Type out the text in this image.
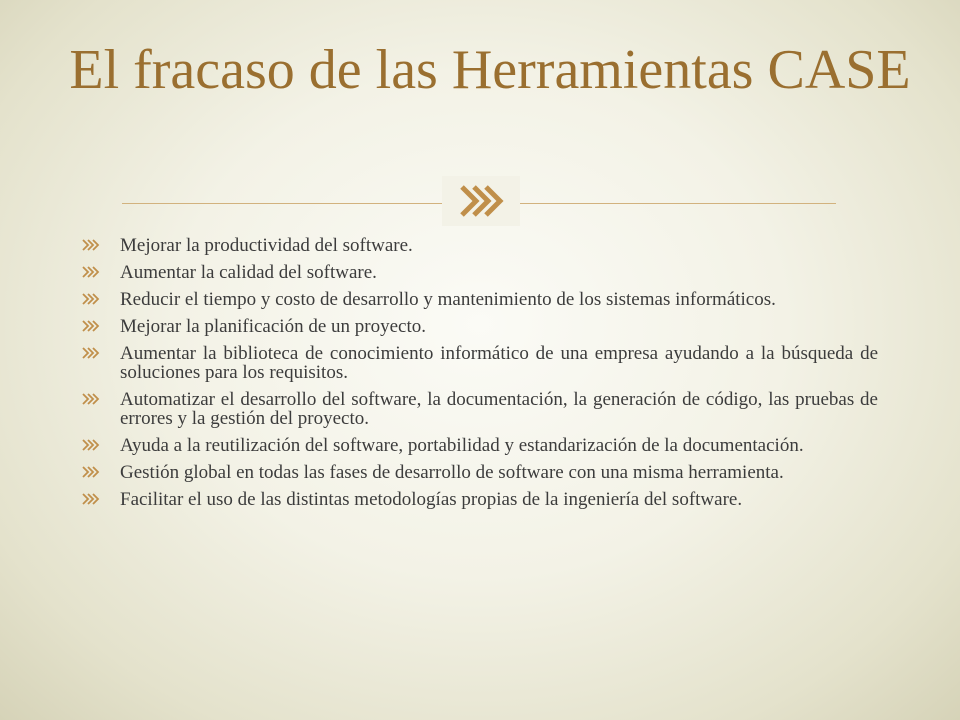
El fracaso de las Herramientas CASE
Mejorar la productividad del software.
Aumentar la calidad del software.
Reducir el tiempo y costo de desarrollo y mantenimiento de los sistemas informáticos.
Mejorar la planificación de un proyecto.
Aumentar la biblioteca de conocimiento informático de una empresa ayudando a la búsqueda de soluciones para los requisitos.
Automatizar el desarrollo del software, la documentación, la generación de código, las pruebas de errores y la gestión del proyecto.
Ayuda a la reutilización del software, portabilidad y estandarización de la documentación.
Gestión global en todas las fases de desarrollo de software con una misma herramienta.
Facilitar el uso de las distintas metodologías propias de la ingeniería del software.
